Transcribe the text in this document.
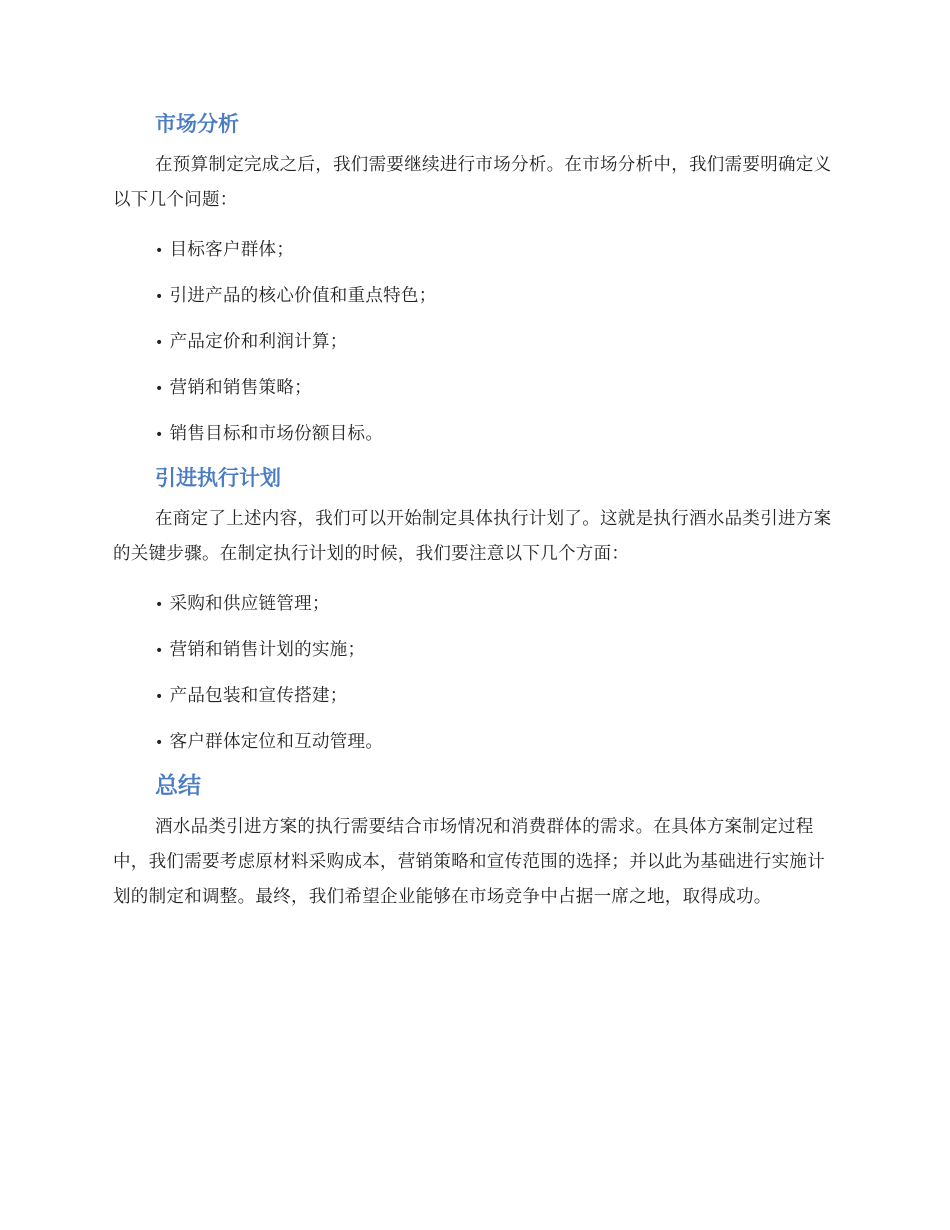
市场分析

在预算制定完成之后，我们需要继续进行市场分析。在市场分析中，我们需要明确定义以下几个问题：

• 目标客户群体；
• 引进产品的核心价值和重点特色；
• 产品定价和利润计算；
• 营销和销售策略；
• 销售目标和市场份额目标。
引进执行计划

在商定了上述内容，我们可以开始制定具体执行计划了。这就是执行酒水品类引进方案的关键步骤。在制定执行计划的时候，我们要注意以下几个方面：

• 采购和供应链管理；
• 营销和销售计划的实施；
• 产品包装和宣传搭建；
• 客户群体定位和互动管理。
总结

酒水品类引进方案的执行需要结合市场情况和消费群体的需求。在具体方案制定过程中，我们需要考虑原材料采购成本，营销策略和宣传范围的选择；并以此为基础进行实施计划的制定和调整。最终，我们希望企业能够在市场竞争中占据一席之地，取得成功。
